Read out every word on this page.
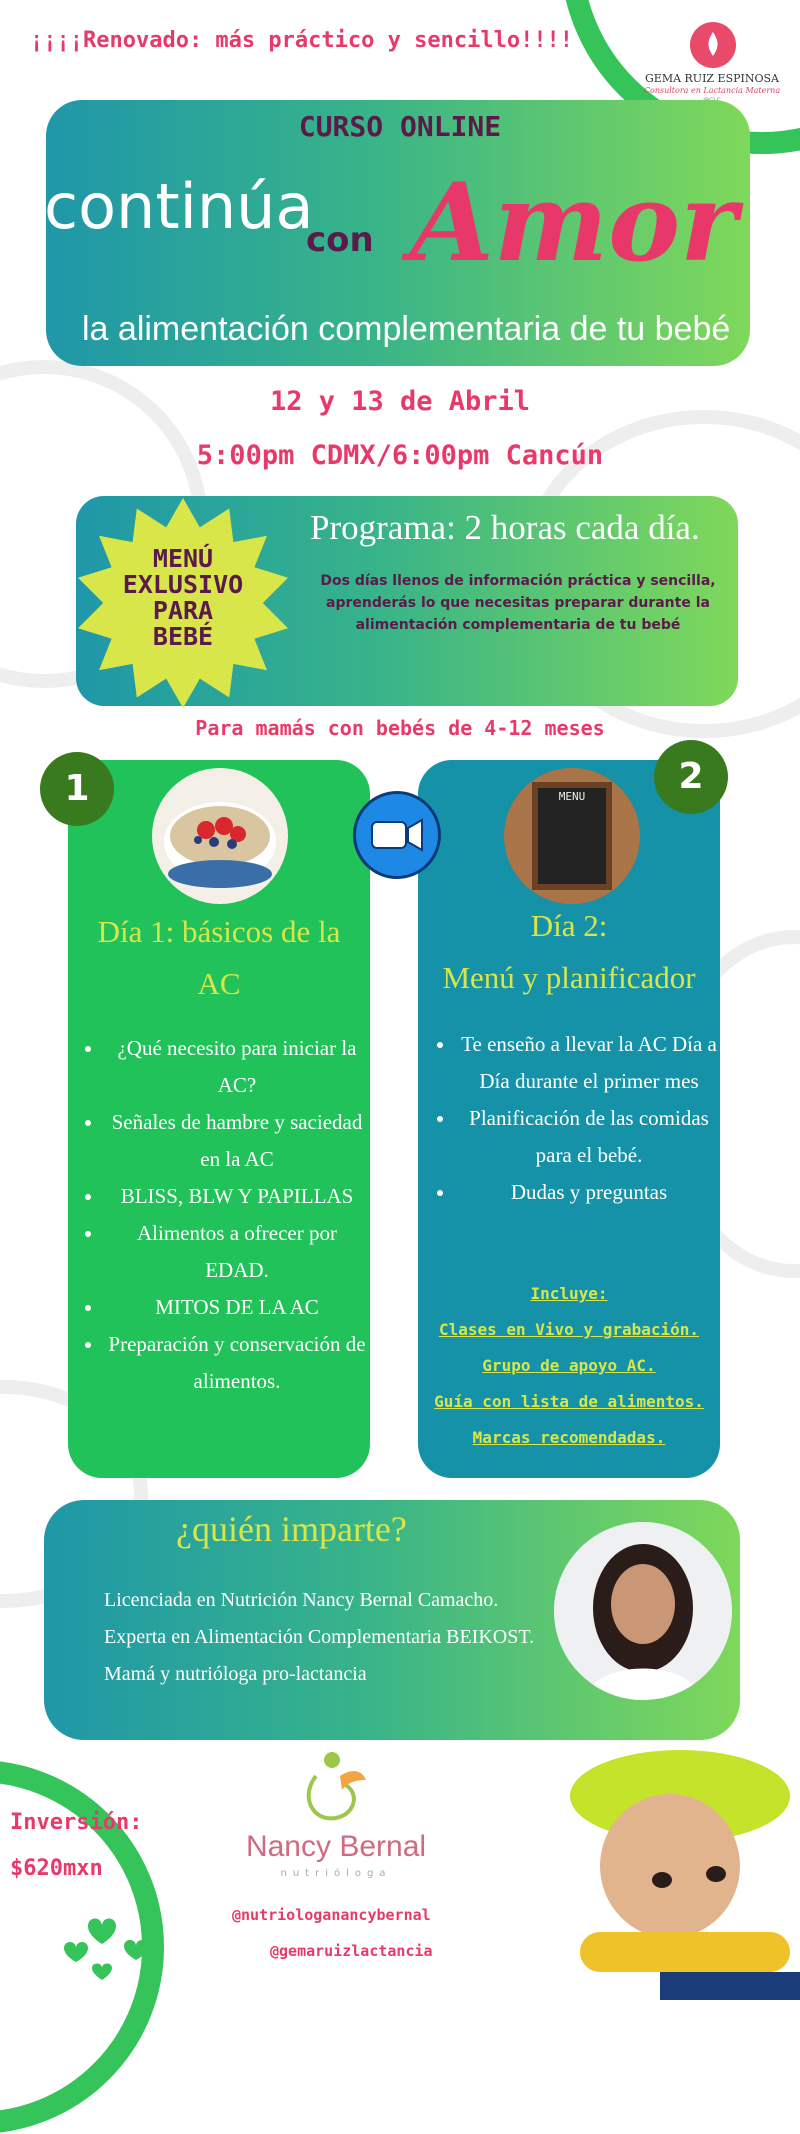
¡¡¡¡Renovado: más práctico y sencillo!!!!
GEMA RUIZ ESPINOSA
Consultora en Lactancia Materna
CURSO ONLINE
continúa
con Amor
la alimentación complementaria de tu bebé
12 y 13 de Abril
5:00pm CDMX/6:00pm Cancún
MENÚ
EXLUSIVO
PARA
BEBÉ
Programa: 2 horas cada día.
Dos días llenos de información práctica y sencilla,
aprenderás lo que necesitas preparar durante la alimentación complementaria de tu bebé
Para mamás con bebés de 4-12 meses
1
Día 1: básicos de la AC
• ¿Qué necesito para iniciar la AC?
• Señales de hambre y saciedad en la AC
• BLISS, BLW Y PAPILLAS
• Alimentos a ofrecer por EDAD.
• MITOS DE LA AC
• Preparación y conservación de alimentos.
2
MENU
Día 2:
Menú y planificador
• Te enseño a llevar la AC Día a Día durante el primer mes
• Planificación de las comidas para el bebé.
• Dudas y preguntas
Incluye:
Clases en Vivo y grabación.
Grupo de apoyo AC.
Guía con lista de alimentos.
Marcas recomendadas.
¿quién imparte?
Licenciada en Nutrición Nancy Bernal Camacho.
Experta en Alimentación Complementaria BEIKOST.
Mamá y nutrióloga pro-lactancia
Inversión:
$620mxn
Nancy Bernal
nutrióloga
@nutriologanancybernal
@gemaruizlactancia
